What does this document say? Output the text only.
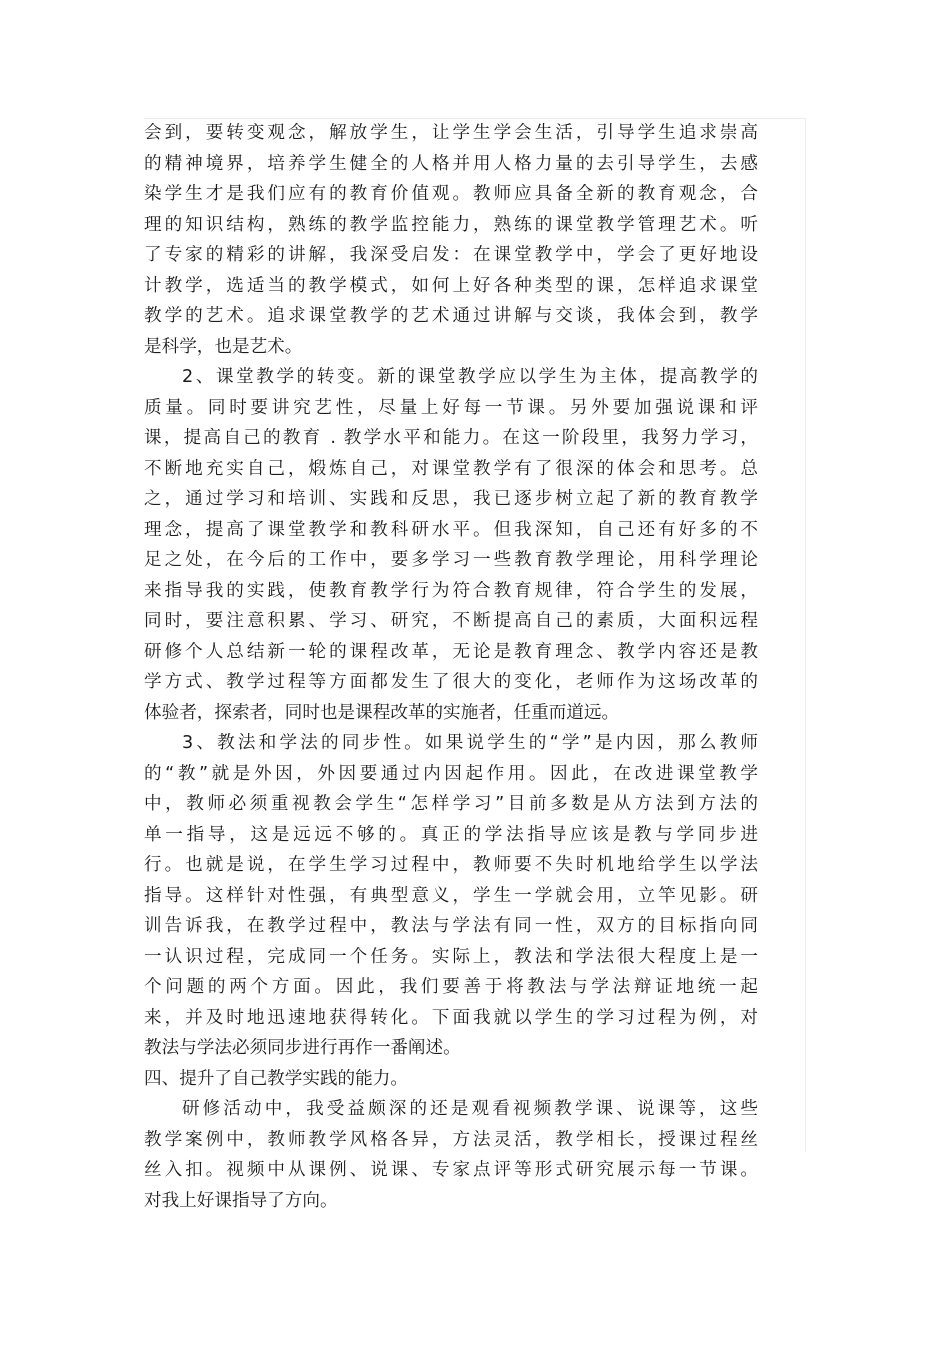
会到，要转变观念，解放学生，让学生学会生活，引导学生追求崇高
的精神境界，培养学生健全的人格并用人格力量的去引导学生，去感
染学生才是我们应有的教育价值观。教师应具备全新的教育观念，合
理的知识结构，熟练的教学监控能力，熟练的课堂教学管理艺术。听
了专家的精彩的讲解，我深受启发：在课堂教学中，学会了更好地设
计教学，选适当的教学模式，如何上好各种类型的课，怎样追求课堂
教学的艺术。追求课堂教学的艺术通过讲解与交谈，我体会到，教学
是科学，也是艺术。
2、课堂教学的转变。新的课堂教学应以学生为主体，提高教学的
质量。同时要讲究艺性，尽量上好每一节课。另外要加强说课和评
课，提高自己的教育 . 教学水平和能力。在这一阶段里，我努力学习，
不断地充实自己，煅炼自己，对课堂教学有了很深的体会和思考。总
之，通过学习和培训、实践和反思，我已逐步树立起了新的教育教学
理念，提高了课堂教学和教科研水平。但我深知，自己还有好多的不
足之处，在今后的工作中，要多学习一些教育教学理论，用科学理论
来指导我的实践，使教育教学行为符合教育规律，符合学生的发展，
同时，要注意积累、学习、研究，不断提高自己的素质，大面积远程
研修个人总结新一轮的课程改革，无论是教育理念、教学内容还是教
学方式、教学过程等方面都发生了很大的变化，老师作为这场改革的
体验者，探索者，同时也是课程改革的实施者，任重而道远。
3、教法和学法的同步性。如果说学生的“学”是内因，那么教师
的“教”就是外因，外因要通过内因起作用。因此，在改进课堂教学
中，教师必须重视教会学生“怎样学习”目前多数是从方法到方法的
单一指导，这是远远不够的。真正的学法指导应该是教与学同步进
行。也就是说，在学生学习过程中，教师要不失时机地给学生以学法
指导。这样针对性强，有典型意义，学生一学就会用，立竿见影。研
训告诉我，在教学过程中，教法与学法有同一性，双方的目标指向同
一认识过程，完成同一个任务。实际上，教法和学法很大程度上是一
个问题的两个方面。因此，我们要善于将教法与学法辩证地统一起
来，并及时地迅速地获得转化。下面我就以学生的学习过程为例，对
教法与学法必须同步进行再作一番阐述。
四、提升了自己教学实践的能力。
研修活动中，我受益颇深的还是观看视频教学课、说课等，这些
教学案例中，教师教学风格各异，方法灵活，教学相长，授课过程丝
丝入扣。视频中从课例、说课、专家点评等形式研究展示每一节课。
对我上好课指导了方向。
